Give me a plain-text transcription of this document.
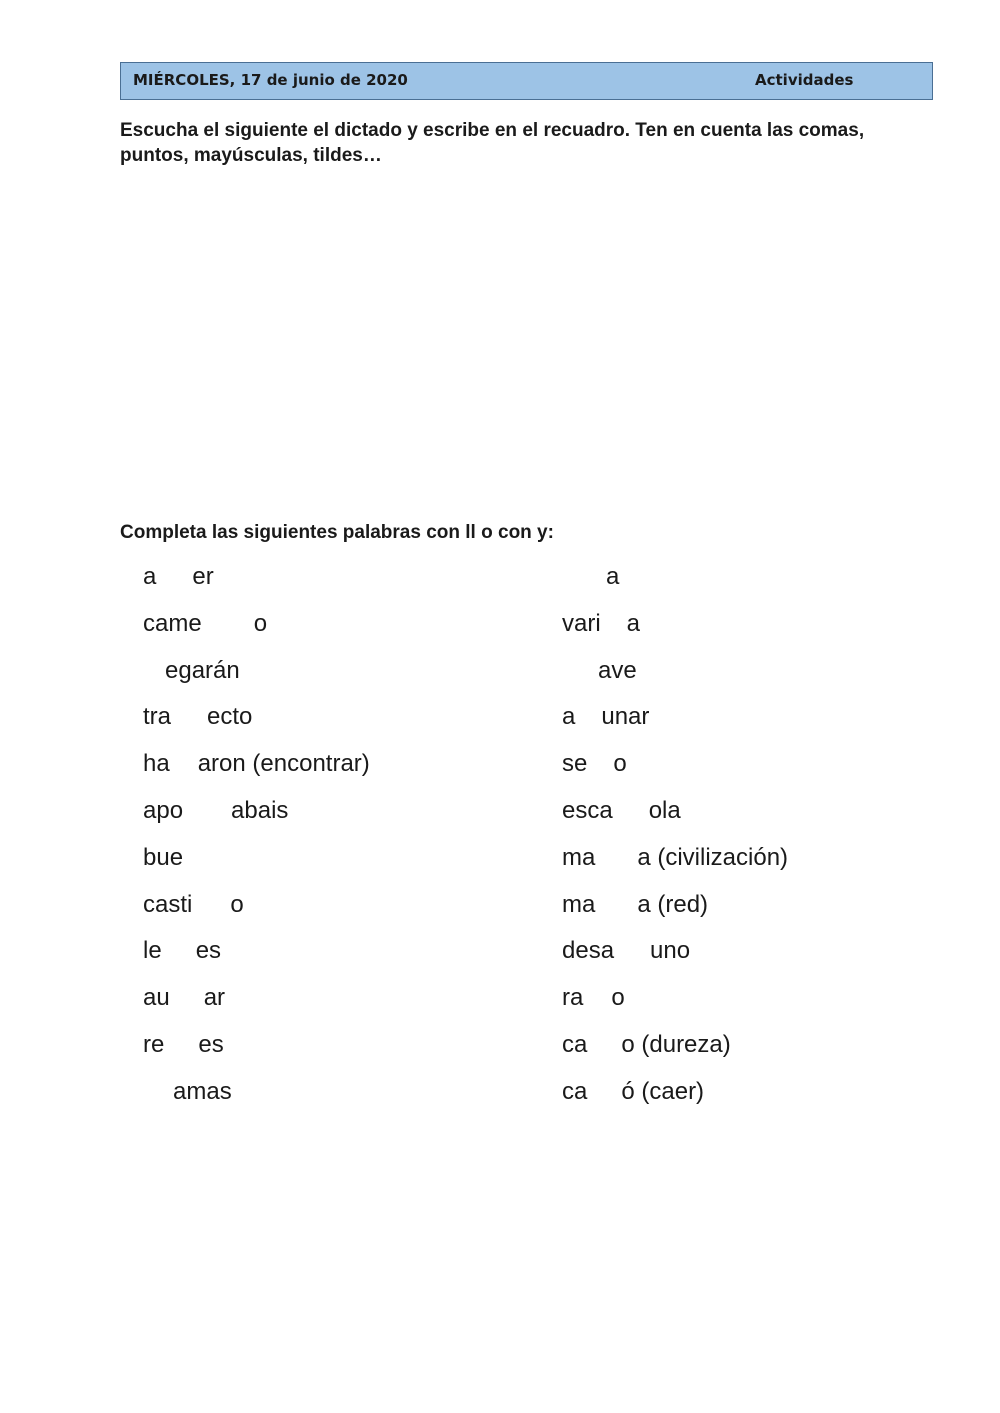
MIÉRCOLES, 17 de junio de 2020	Actividades

Escucha el siguiente el dictado y escribe en el recuadro. Ten en cuenta las comas, puntos, mayúsculas, tildes…

Completa las siguientes palabras con ll o con y:

a er
came o
egarán
tra ecto
ha aron (encontrar)
apo abais
bue
casti o
le es
au ar
re es
amas
a
vari a
ave
a unar
se o
esca ola
ma a (civilización)
ma a (red)
desa uno
ra o
ca o (dureza)
ca ó (caer)
